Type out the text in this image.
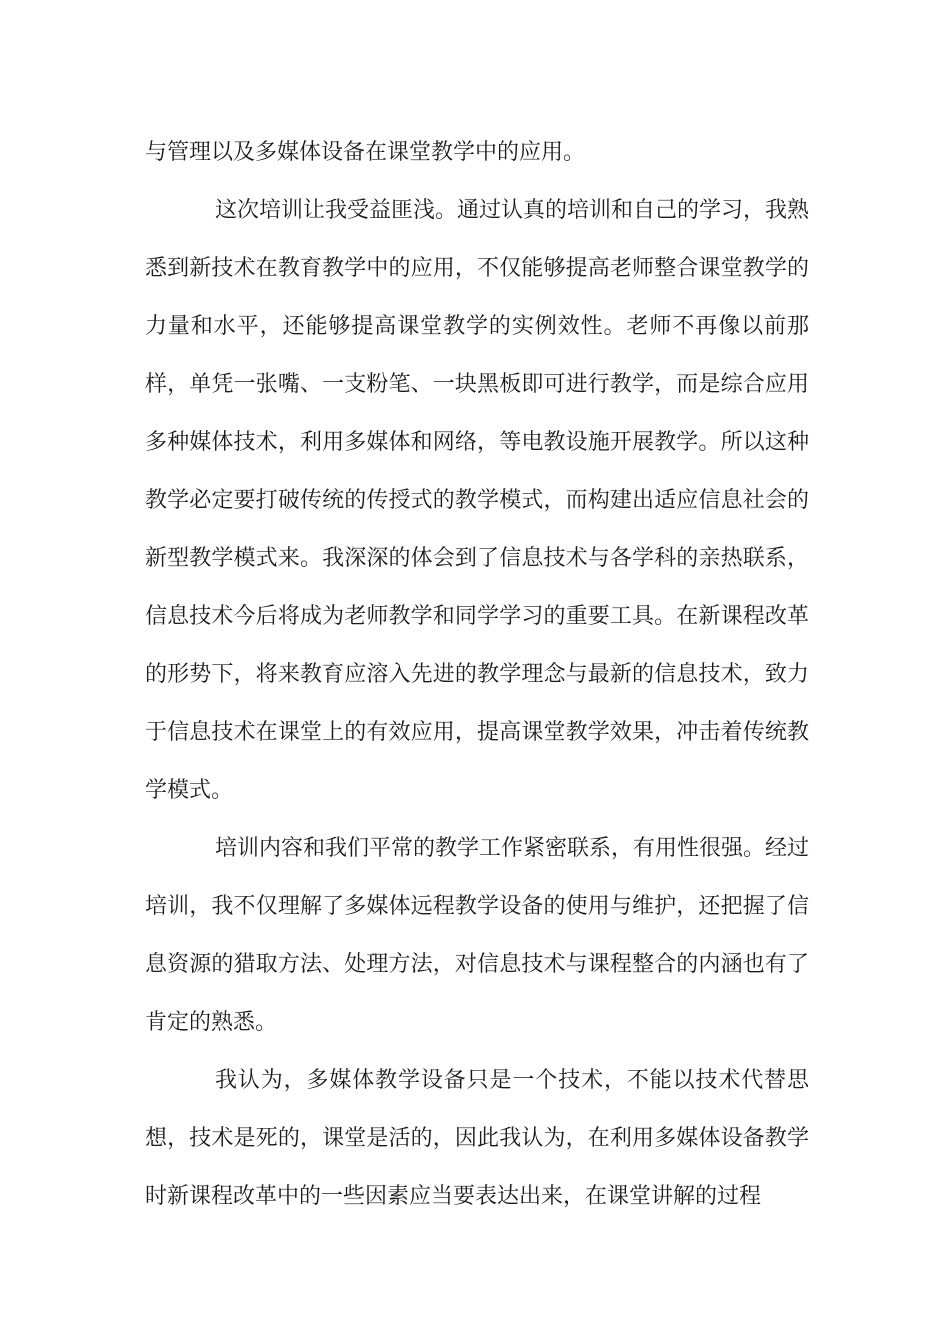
与管理以及多媒体设备在课堂教学中的应用。

这次培训让我受益匪浅。通过认真的培训和自己的学习，我熟悉到新技术在教育教学中的应用，不仅能够提高老师整合课堂教学的力量和水平，还能够提高课堂教学的实例效性。老师不再像以前那样，单凭一张嘴、一支粉笔、一块黑板即可进行教学，而是综合应用多种媒体技术，利用多媒体和网络，等电教设施开展教学。所以这种教学必定要打破传统的传授式的教学模式，而构建出适应信息社会的新型教学模式来。我深深的体会到了信息技术与各学科的亲热联系，信息技术今后将成为老师教学和同学学习的重要工具。在新课程改革的形势下，将来教育应溶入先进的教学理念与最新的信息技术，致力于信息技术在课堂上的有效应用，提高课堂教学效果，冲击着传统教学模式。

培训内容和我们平常的教学工作紧密联系，有用性很强。经过培训，我不仅理解了多媒体远程教学设备的使用与维护，还把握了信息资源的猎取方法、处理方法，对信息技术与课程整合的内涵也有了肯定的熟悉。

我认为，多媒体教学设备只是一个技术，不能以技术代替思想，技术是死的，课堂是活的，因此我认为，在利用多媒体设备教学时新课程改革中的一些因素应当要表达出来，在课堂讲解的过程
